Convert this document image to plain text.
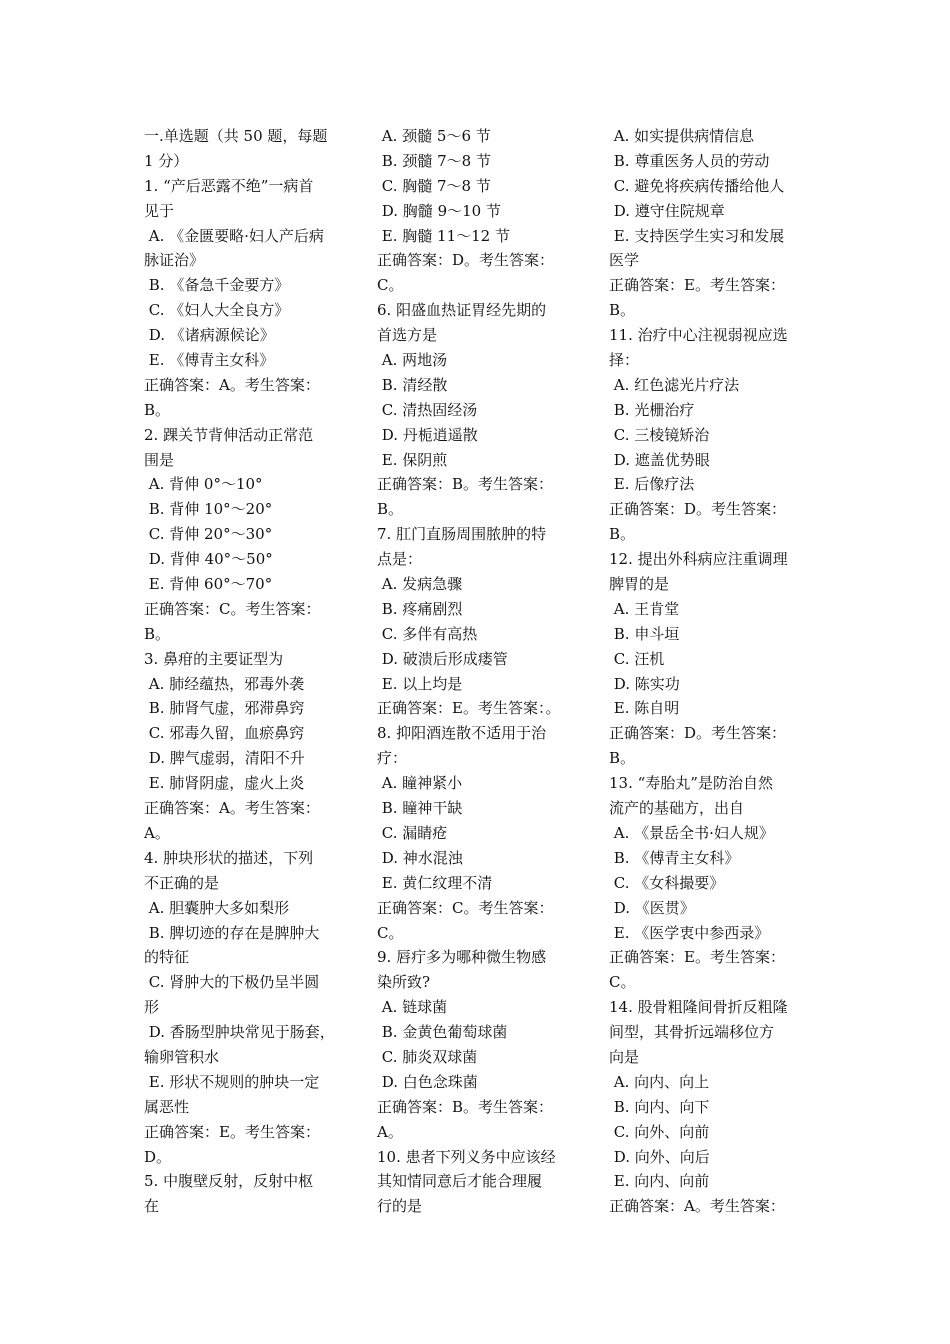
一.单选题（共 50 题，每题
1 分）
1. “产后恶露不绝”一病首
见于
A. 《金匮要略·妇人产后病
脉证治》
B. 《备急千金要方》
C. 《妇人大全良方》
D. 《诸病源候论》
E. 《傅青主女科》
正确答案：A。考生答案：
B。
2. 踝关节背伸活动正常范
围是
A. 背伸 0°～10°
B. 背伸 10°～20°
C. 背伸 20°～30°
D. 背伸 40°～50°
E. 背伸 60°～70°
正确答案：C。考生答案：
B。
3. 鼻疳的主要证型为
A. 肺经蕴热，邪毒外袭
B. 肺肾气虚，邪滞鼻窍
C. 邪毒久留，血瘀鼻窍
D. 脾气虚弱，清阳不升
E. 肺肾阴虚，虚火上炎
正确答案：A。考生答案：
A。
4. 肿块形状的描述，下列
不正确的是
A. 胆囊肿大多如梨形
B. 脾切迹的存在是脾肿大
的特征
C. 肾肿大的下极仍呈半圆
形
D. 香肠型肿块常见于肠套，
输卵管积水
E. 形状不规则的肿块一定
属恶性
正确答案：E。考生答案：
D。
5. 中腹壁反射，反射中枢
在
A. 颈髓 5～6 节
B. 颈髓 7～8 节
C. 胸髓 7～8 节
D. 胸髓 9～10 节
E. 胸髓 11～12 节
正确答案：D。考生答案：
C。
6. 阳盛血热证胃经先期的
首选方是
A. 两地汤
B. 清经散
C. 清热固经汤
D. 丹栀逍遥散
E. 保阴煎
正确答案：B。考生答案：
B。
7. 肛门直肠周围脓肿的特
点是：
A. 发病急骤
B. 疼痛剧烈
C. 多伴有高热
D. 破溃后形成瘘管
E. 以上均是
正确答案：E。考生答案：。
8. 抑阳酒连散不适用于治
疗：
A. 瞳神紧小
B. 瞳神干缺
C. 漏睛疮
D. 神水混浊
E. 黄仁纹理不清
正确答案：C。考生答案：
C。
9. 唇疔多为哪种微生物感
染所致?
A. 链球菌
B. 金黄色葡萄球菌
C. 肺炎双球菌
D. 白色念珠菌
正确答案：B。考生答案：
A。
10. 患者下列义务中应该经
其知情同意后才能合理履
行的是
A. 如实提供病情信息
B. 尊重医务人员的劳动
C. 避免将疾病传播给他人
D. 遵守住院规章
E. 支持医学生实习和发展
医学
正确答案：E。考生答案：
B。
11. 治疗中心注视弱视应选
择：
A. 红色滤光片疗法
B. 光栅治疗
C. 三棱镜矫治
D. 遮盖优势眼
E. 后像疗法
正确答案：D。考生答案：
B。
12. 提出外科病应注重调理
脾胃的是
A. 王肯堂
B. 申斗垣
C. 汪机
D. 陈实功
E. 陈自明
正确答案：D。考生答案：
B。
13. “寿胎丸”是防治自然
流产的基础方，出自
A. 《景岳全书·妇人规》
B. 《傅青主女科》
C. 《女科撮要》
D. 《医贯》
E. 《医学衷中参西录》
正确答案：E。考生答案：
C。
14. 股骨粗隆间骨折反粗隆
间型，其骨折远端移位方
向是
A. 向内、向上
B. 向内、向下
C. 向外、向前
D. 向外、向后
E. 向内、向前
正确答案：A。考生答案：
